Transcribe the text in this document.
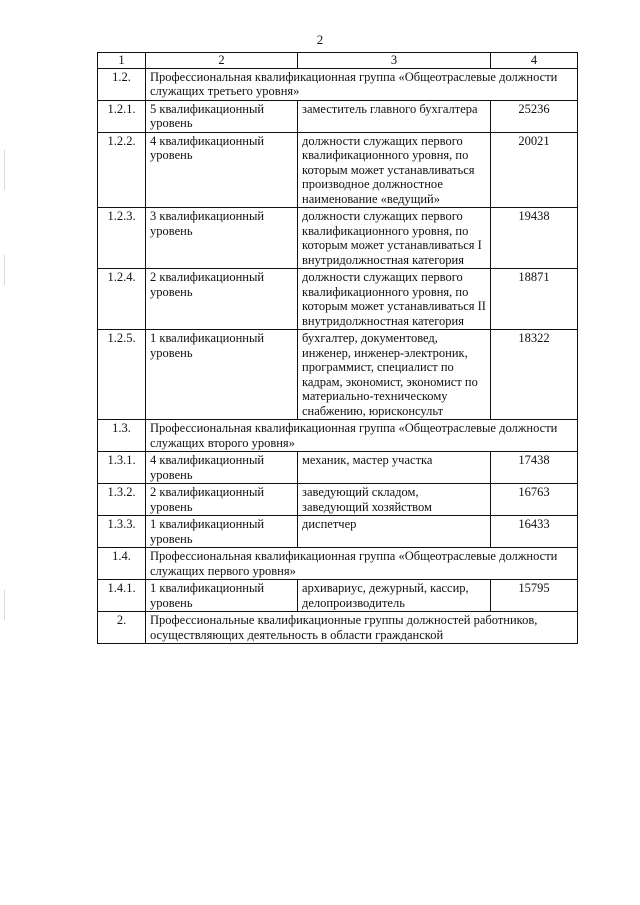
2
1	2	3	4
1.2.	Профессиональная квалификационная группа «Общеотраслевые должности служащих третьего уровня»		
1.2.1.	5 квалификационный уровень	заместитель главного бухгалтера	25236
1.2.2.	4 квалификационный уровень	должности служащих первого квалификационного уровня, по которым может устанавливаться производное должностное наименование «ведущий»	20021
1.2.3.	3 квалификационный уровень	должности служащих первого квалификационного уровня, по которым может устанавливаться I внутридолжностная категория	19438
1.2.4.	2 квалификационный уровень	должности служащих первого квалификационного уровня, по которым может устанавливаться II внутридолжностная категория	18871
1.2.5.	1 квалификационный уровень	бухгалтер, документовед, инженер, инженер-электроник, программист, специалист по кадрам, экономист, экономист по материально-техническому снабжению, юрисконсульт	18322
1.3.	Профессиональная квалификационная группа «Общеотраслевые должности служащих второго уровня»		
1.3.1.	4 квалификационный уровень	механик, мастер участка	17438
1.3.2.	2 квалификационный уровень	заведующий складом, заведующий хозяйством	16763
1.3.3.	1 квалификационный уровень	диспетчер	16433
1.4.	Профессиональная квалификационная группа «Общеотраслевые должности служащих первого уровня»		
1.4.1.	1 квалификационный уровень	архивариус, дежурный, кассир, делопроизводитель	15795
2.	Профессиональные квалификационные группы должностей работников, осуществляющих деятельность в области гражданской		
